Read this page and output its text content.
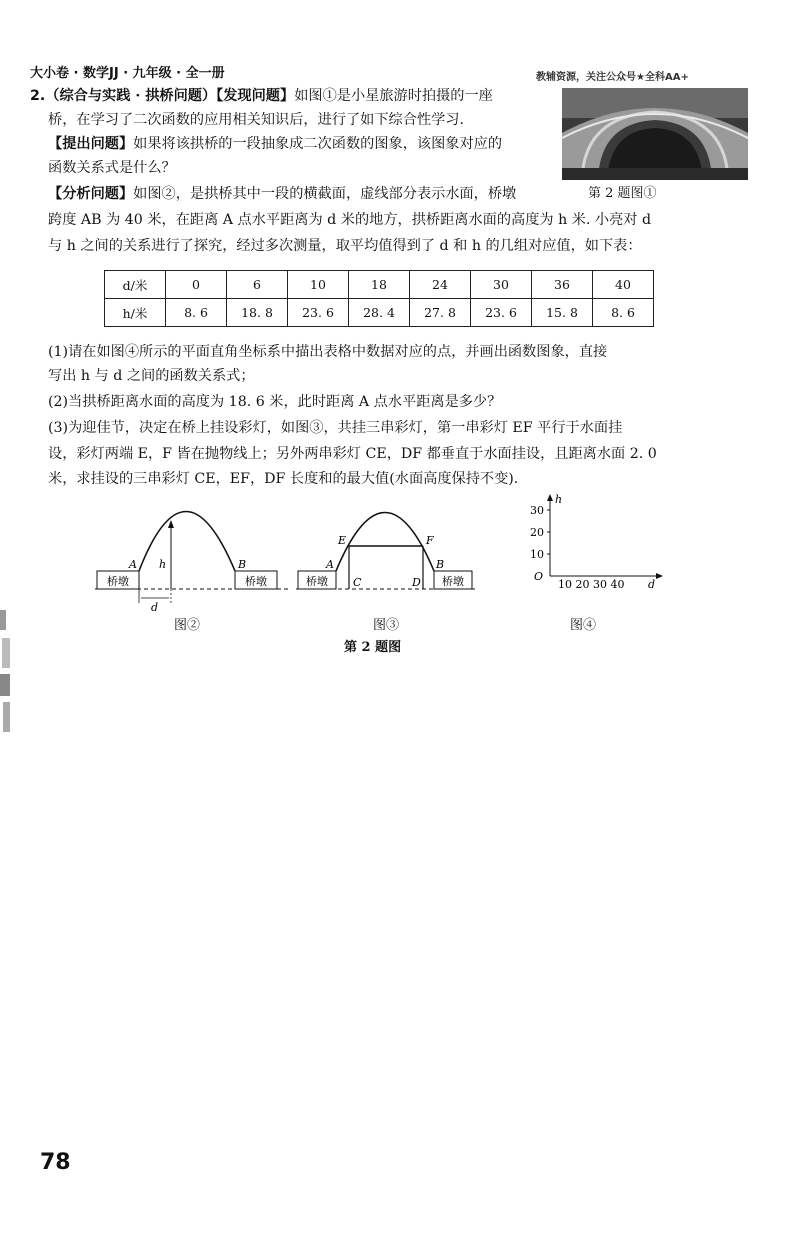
大小卷 · 数学JJ · 九年级 · 全一册	教辅资源，关注公众号★全科AA+
2.（综合与实践 · 拱桥问题）【发现问题】如图①是小星旅游时拍摄的一座
桥，在学习了二次函数的应用相关知识后，进行了如下综合性学习.
【提出问题】如果将该拱桥的一段抽象成二次函数的图象，该图象对应的
函数关系式是什么？
【分析问题】如图②，是拱桥其中一段的横截面，虚线部分表示水面，桥墩
跨度 AB 为 40 米，在距离 A 点水平距离为 d 米的地方，拱桥距离水面的高度为 h 米. 小亮对 d
与 h 之间的关系进行了探究，经过多次测量，取平均值得到了 d 和 h 的几组对应值，如下表：
第 2 题图①
d/米	0	6	10	18	24	30	36	40
h/米	8. 6	18. 8	23. 6	28. 4	27. 8	23. 6	15. 8	8. 6
(1)请在如图④所示的平面直角坐标系中描出表格中数据对应的点，并画出函数图象，直接
写出 h 与 d 之间的函数关系式；
(2)当拱桥距离水面的高度为 18. 6 米，此时距离 A 点水平距离是多少？
(3)为迎佳节，决定在桥上挂设彩灯，如图③，共挂三串彩灯，第一串彩灯 EF 平行于水面挂
设，彩灯两端 E，F 皆在抛物线上；另外两串彩灯 CE，DF 都垂直于水面挂设，且距离水面 2. 0
米，求挂设的三串彩灯 CE，EF，DF 长度和的最大值(水面高度保持不变).
桥墩	桥墩
A	B
h
d
图②
桥墩	桥墩
A	B
E	F
C	D
图③
h
30
20
10
O
10 20 30 40 d
图④
第 2 题图
78
